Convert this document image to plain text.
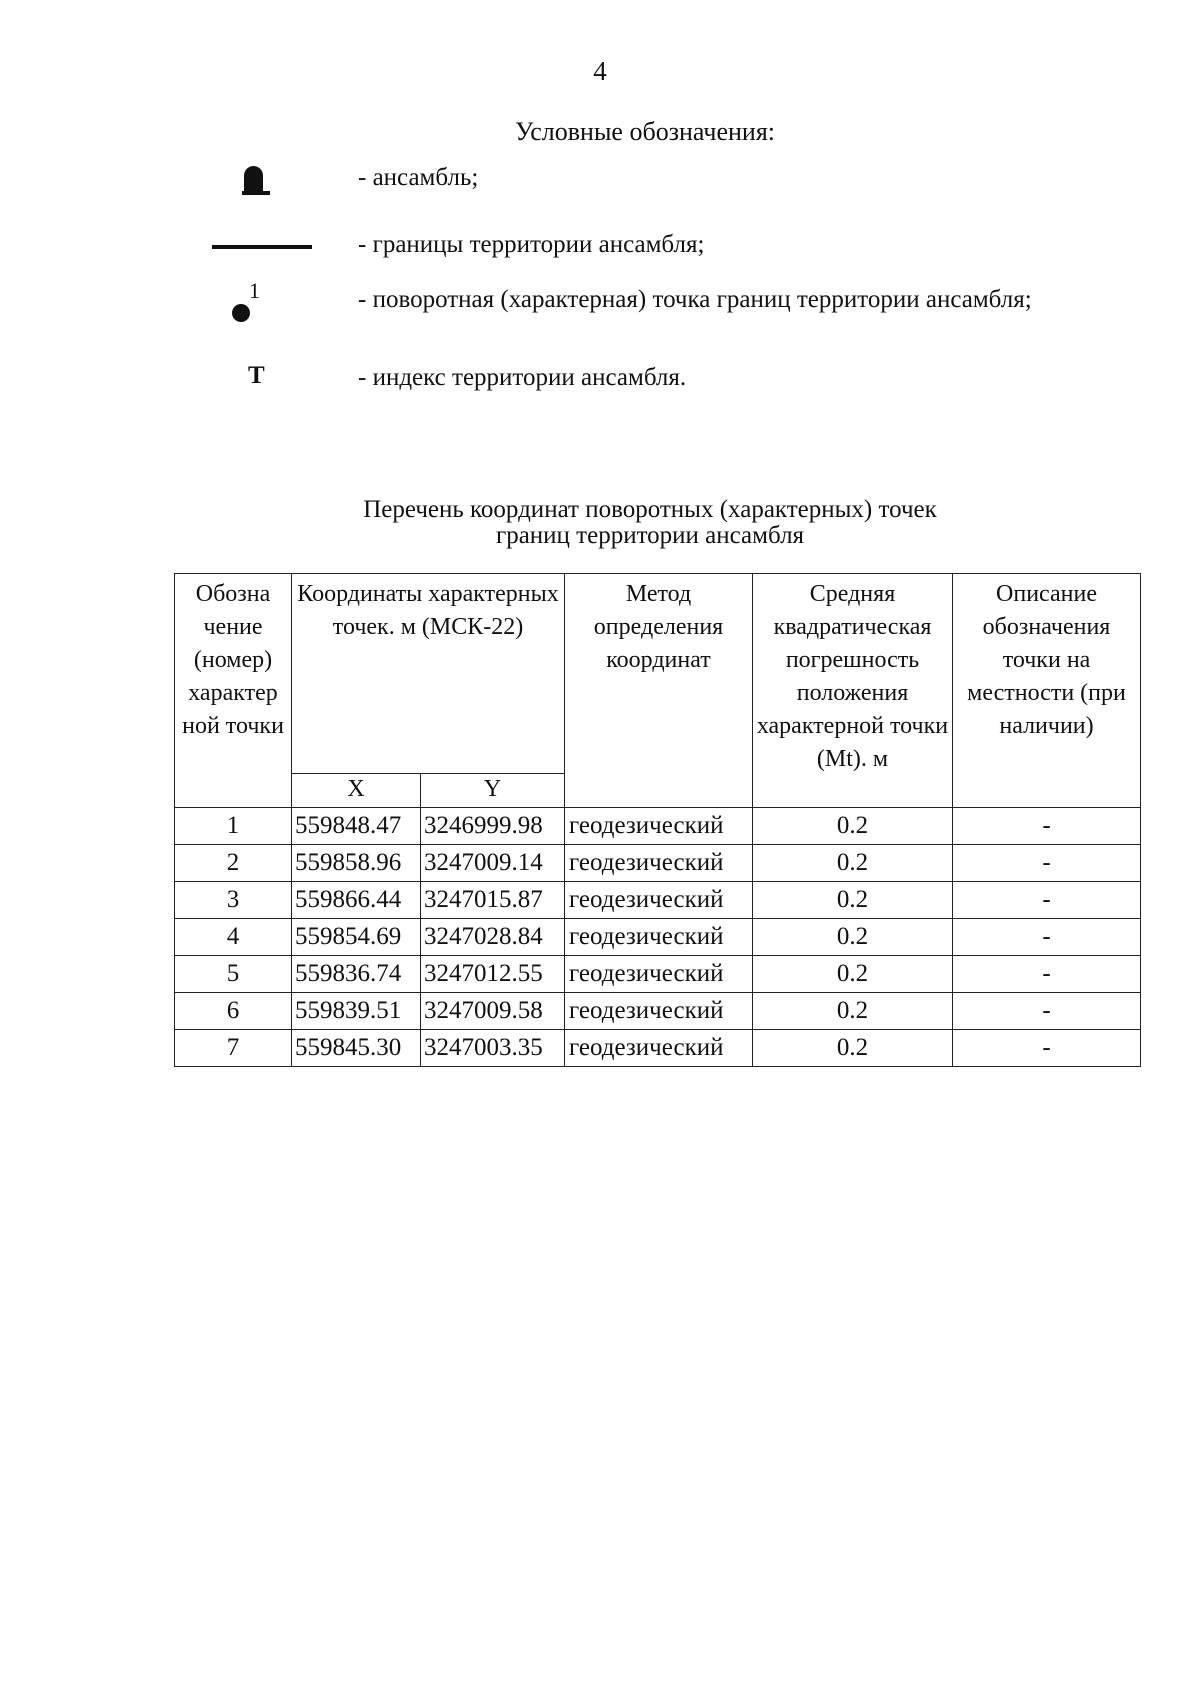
4
Условные обозначения:
- ансамбль;
- границы территории ансамбля;
1	- поворотная (характерная) точка границ территории ансамбля;
Т	- индекс территории ансамбля.
Перечень координат поворотных (характерных) точек
границ территории ансамбля
Обозна чение (номер) характер ной точки	Координаты характерных точек. м (МСК-22)		Метод определения координат	Средняя квадратическая погрешность положения характерной точки (Mt). м	Описание обозначения точки на местности (при наличии)
	X	Y			
1	559848.47	3246999.98	геодезический	0.2	-
2	559858.96	3247009.14	геодезический	0.2	-
3	559866.44	3247015.87	геодезический	0.2	-
4	559854.69	3247028.84	геодезический	0.2	-
5	559836.74	3247012.55	геодезический	0.2	-
6	559839.51	3247009.58	геодезический	0.2	-
7	559845.30	3247003.35	геодезический	0.2	-
